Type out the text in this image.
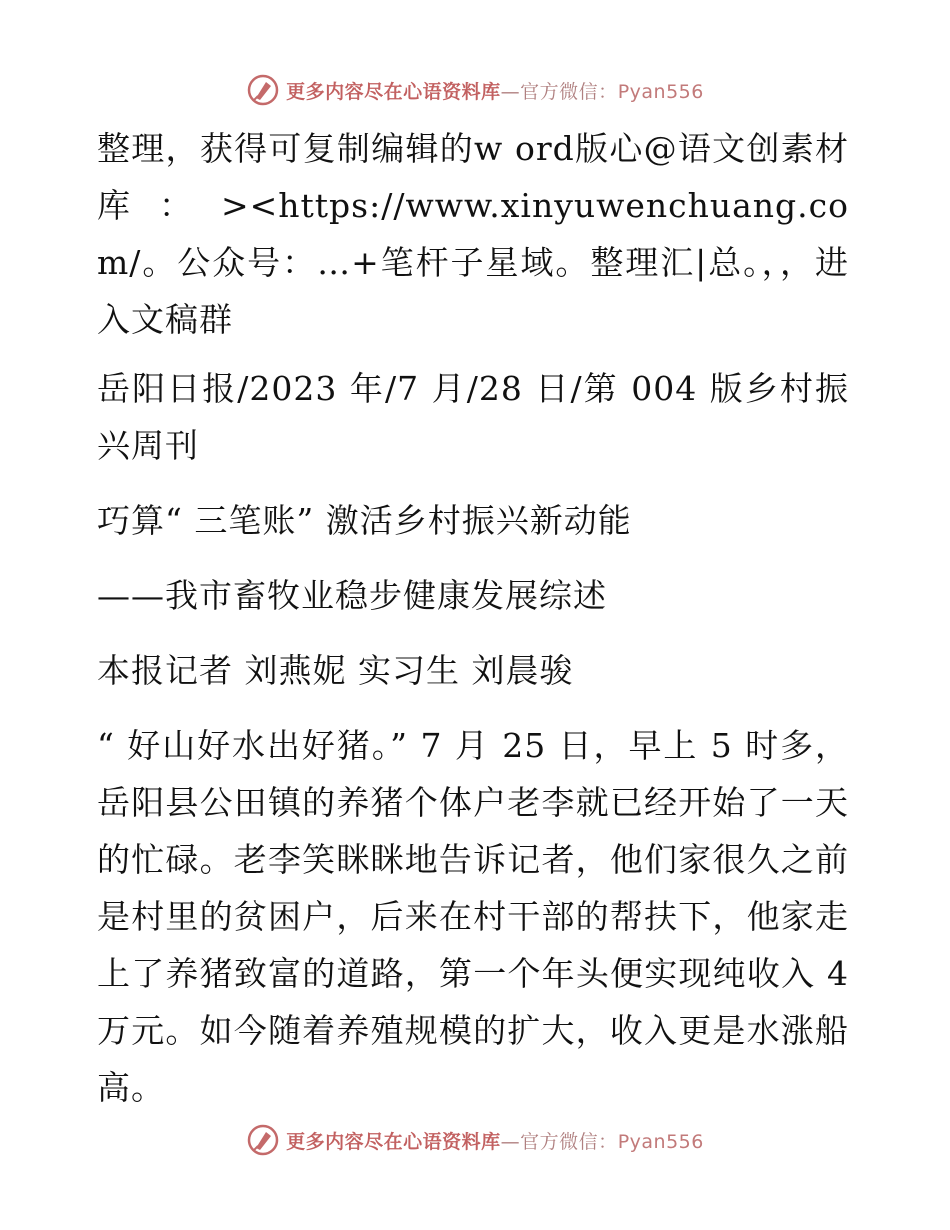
更多内容尽在心语资料库—官方微信：Pyan556

整理，获得可复制编辑的w ord版心@语文创素材库：><https://www.xinyuwenchuang.com/。公众号：…+笔杆子星域。整理汇|总。，，进入文稿群

岳阳日报/2023 年/7 月/28 日/第 004 版乡村振兴周刊

巧算“ 三笔账” 激活乡村振兴新动能

——我市畜牧业稳步健康发展综述

本报记者 刘燕妮 实习生 刘晨骏

“ 好山好水出好猪。” 7 月 25 日，早上 5 时多，岳阳县公田镇的养猪个体户老李就已经开始了一天的忙碌。老李笑眯眯地告诉记者，他们家很久之前是村里的贫困户，后来在村干部的帮扶下，他家走上了养猪致富的道路，第一个年头便实现纯收入 4 万元。如今随着养殖规模的扩大，收入更是水涨船高。

更多内容尽在心语资料库—官方微信：Pyan556
